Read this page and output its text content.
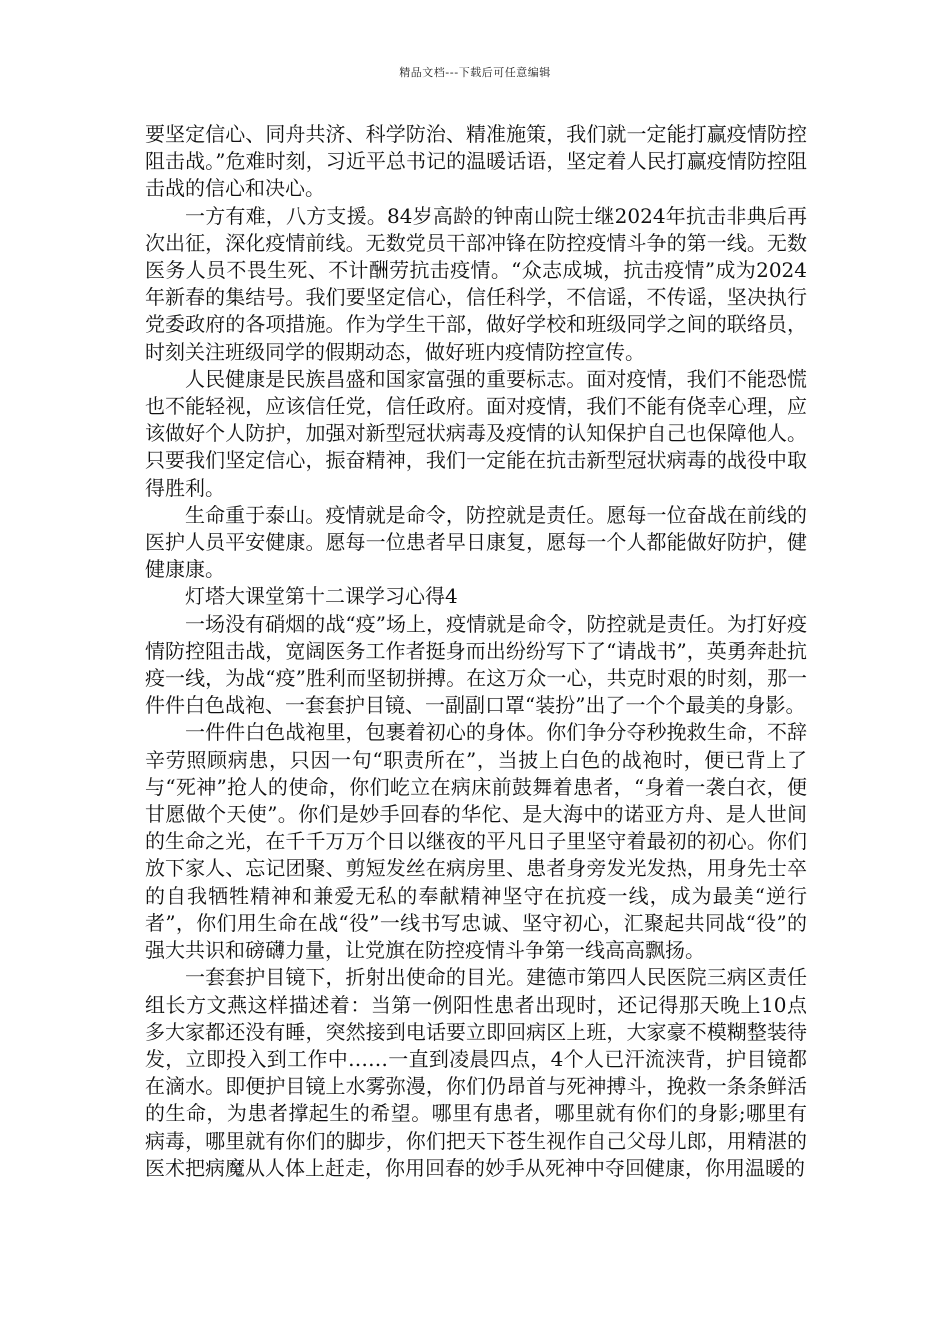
精品文档---下载后可任意编辑

要坚定信心、同舟共济、科学防治、精准施策，我们就一定能打赢疫情防控阻击战。”危难时刻，习近平总书记的温暖话语，坚定着人民打赢疫情防控阻击战的信心和决心。

一方有难，八方支援。84岁高龄的钟南山院士继2024年抗击非典后再次出征，深化疫情前线。无数党员干部冲锋在防控疫情斗争的第一线。无数医务人员不畏生死、不计酬劳抗击疫情。“众志成城，抗击疫情”成为2024年新春的集结号。我们要坚定信心，信任科学，不信谣，不传谣，坚决执行党委政府的各项措施。作为学生干部，做好学校和班级同学之间的联络员，时刻关注班级同学的假期动态，做好班内疫情防控宣传。

人民健康是民族昌盛和国家富强的重要标志。面对疫情，我们不能恐慌也不能轻视，应该信任党，信任政府。面对疫情，我们不能有侥幸心理，应该做好个人防护，加强对新型冠状病毒及疫情的认知保护自己也保障他人。只要我们坚定信心，振奋精神，我们一定能在抗击新型冠状病毒的战役中取得胜利。

生命重于泰山。疫情就是命令，防控就是责任。愿每一位奋战在前线的医护人员平安健康。愿每一位患者早日康复，愿每一个人都能做好防护，健健康康。

灯塔大课堂第十二课学习心得4

一场没有硝烟的战“疫”场上，疫情就是命令，防控就是责任。为打好疫情防控阻击战，宽阔医务工作者挺身而出纷纷写下了“请战书”，英勇奔赴抗疫一线，为战“疫”胜利而坚韧拼搏。在这万众一心，共克时艰的时刻，那一件件白色战袍、一套套护目镜、一副副口罩“装扮”出了一个个最美的身影。

一件件白色战袍里，包裹着初心的身体。你们争分夺秒挽救生命，不辞辛劳照顾病患，只因一句“职责所在”，当披上白色的战袍时，便已背上了与“死神”抢人的使命，你们屹立在病床前鼓舞着患者，“身着一袭白衣，便甘愿做个天使”。你们是妙手回春的华佗、是大海中的诺亚方舟、是人世间的生命之光，在千千万万个日以继夜的平凡日子里坚守着最初的初心。你们放下家人、忘记团聚、剪短发丝在病房里、患者身旁发光发热，用身先士卒的自我牺牲精神和兼爱无私的奉献精神坚守在抗疫一线，成为最美“逆行者”，你们用生命在战“役”一线书写忠诚、坚守初心，汇聚起共同战“役”的强大共识和磅礴力量，让党旗在防控疫情斗争第一线高高飘扬。

一套套护目镜下，折射出使命的目光。建德市第四人民医院三病区责任组长方文燕这样描述着：当第一例阳性患者出现时，还记得那天晚上10点多大家都还没有睡，突然接到电话要立即回病区上班，大家豪不模糊整装待发，立即投入到工作中……一直到凌晨四点，4个人已汗流浃背，护目镜都在滴水。即便护目镜上水雾弥漫，你们仍昂首与死神搏斗，挽救一条条鲜活的生命，为患者撑起生的希望。哪里有患者，哪里就有你们的身影;哪里有病毒，哪里就有你们的脚步，你们把天下苍生视作自己父母儿郎，用精湛的医术把病魔从人体上赶走，你用回春的妙手从死神中夺回健康，你用温暖的
